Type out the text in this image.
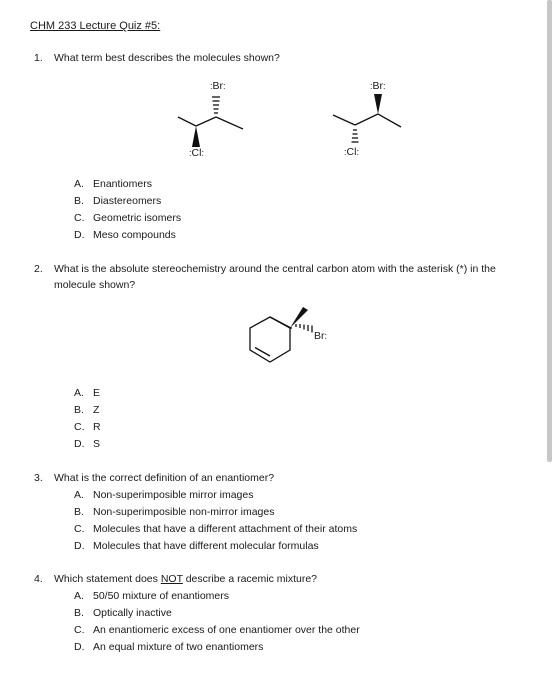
CHM 233 Lecture Quiz #5:
1. What term best describes the molecules shown?
:Br:
:Cl:
:Br:
:Cl:
A. Enantiomers
B. Diastereomers
C. Geometric isomers
D. Meso compounds
2. What is the absolute stereochemistry around the central carbon atom with the asterisk (*) in the
molecule shown?
Br:
A. E
B. Z
C. R
D. S
3. What is the correct definition of an enantiomer?
A. Non-superimposible mirror images
B. Non-superimposible non-mirror images
C. Molecules that have a different attachment of their atoms
D. Molecules that have different molecular formulas
4. Which statement does NOT describe a racemic mixture?
A. 50/50 mixture of enantiomers
B. Optically inactive
C. An enantiomeric excess of one enantiomer over the other
D. An equal mixture of two enantiomers
